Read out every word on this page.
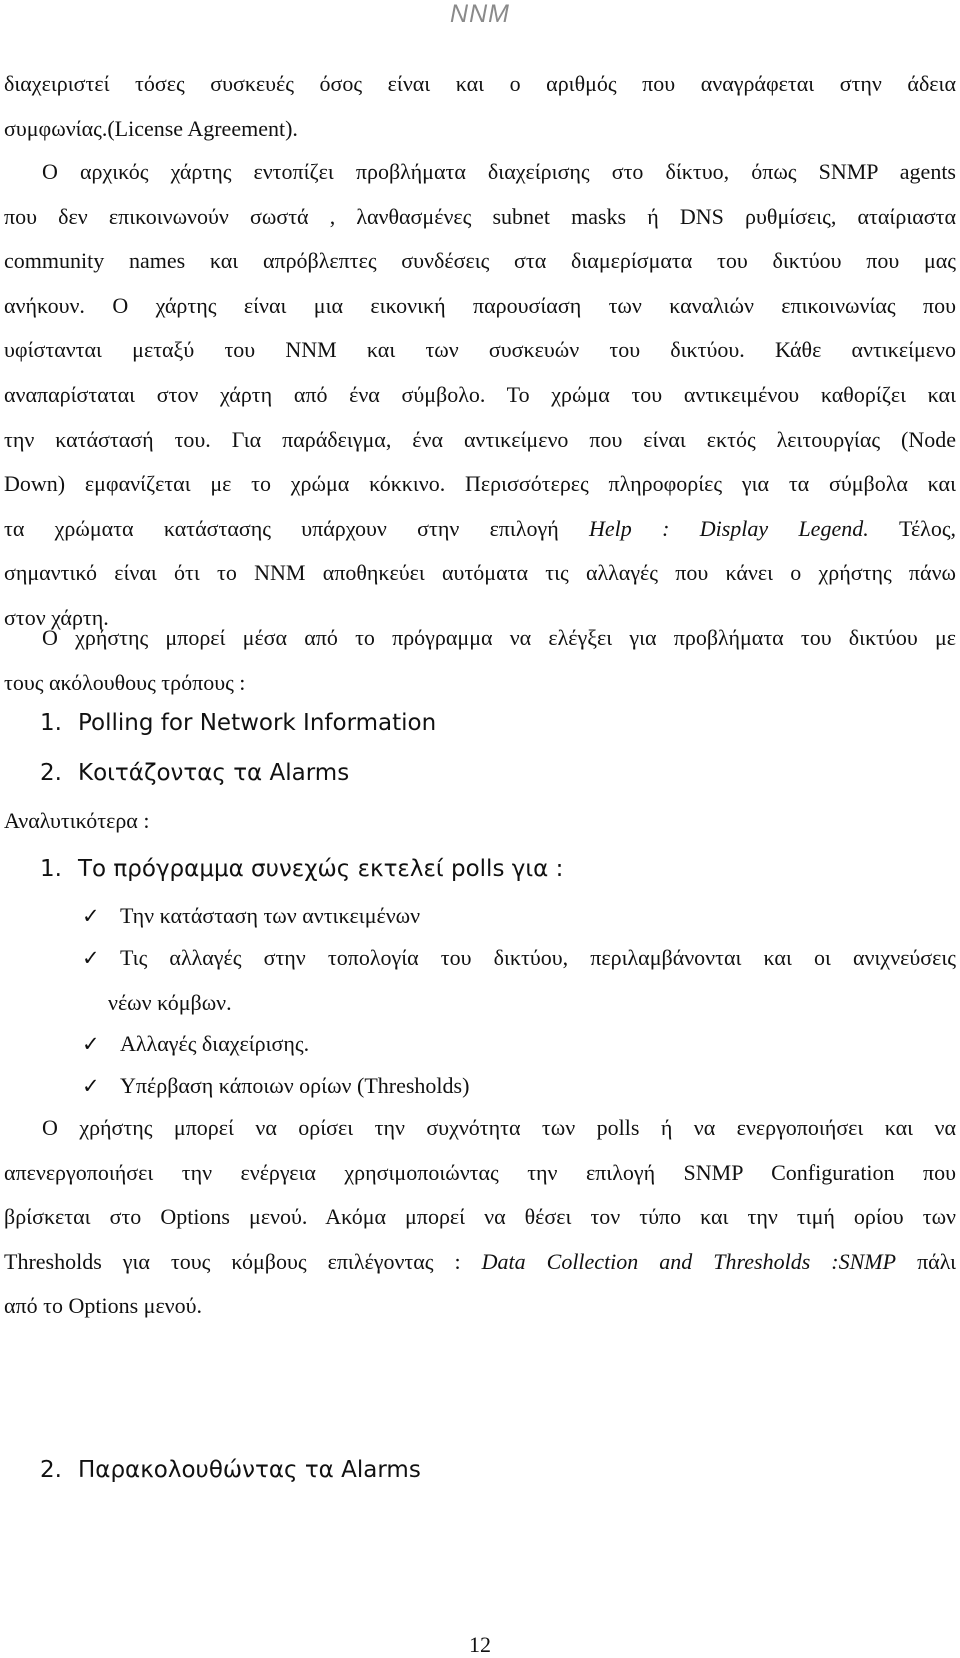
NNM
διαχειριστεί τόσες συσκευές όσος είναι και ο αριθμός που αναγράφεται στην άδεια
συμφωνίας.(License Agreement).
Ο αρχικός χάρτης εντοπίζει προβλήματα διαχείρισης στο δίκτυο, όπως SNMP agents
που δεν επικοινωνούν σωστά , λανθασμένες subnet masks ή DNS ρυθμίσεις, αταίριαστα
community names και απρόβλεπτες συνδέσεις στα διαμερίσματα του δικτύου που μας
ανήκουν. Ο χάρτης είναι μια εικονική παρουσίαση των καναλιών επικοινωνίας που
υφίστανται μεταξύ του NNM και των συσκευών του δικτύου. Κάθε αντικείμενο
αναπαρίσταται στον χάρτη από ένα σύμβολο. Το χρώμα του αντικειμένου καθορίζει και
την κατάστασή του. Για παράδειγμα, ένα αντικείμενο που είναι εκτός λειτουργίας (Node
Down) εμφανίζεται με το χρώμα κόκκινο. Περισσότερες πληροφορίες για τα σύμβολα και
τα χρώματα κατάστασης υπάρχουν στην επιλογή Help : Display Legend. Τέλος,
σημαντικό είναι ότι το NNM αποθηκεύει αυτόματα τις αλλαγές που κάνει ο χρήστης πάνω
στον χάρτη.
Ο χρήστης μπορεί μέσα από το πρόγραμμα να ελέγξει για προβλήματα του δικτύου με
τους ακόλουθους τρόπους :
1. Polling for Network Information
2. Κοιτάζοντας τα Alarms
Αναλυτικότερα :
1. Το πρόγραμμα συνεχώς εκτελεί polls για :
✓ Την κατάσταση των αντικειμένων
✓ Τις αλλαγές στην τοπολογία του δικτύου, περιλαμβάνονται και οι ανιχνεύσεις
νέων κόμβων.
✓ Αλλαγές διαχείρισης.
✓ Υπέρβαση κάποιων ορίων (Thresholds)
Ο χρήστης μπορεί να ορίσει την συχνότητα των polls ή να ενεργοποιήσει και να
απενεργοποιήσει την ενέργεια χρησιμοποιώντας την επιλογή SNMP Configuration που
βρίσκεται στο Options μενού. Ακόμα μπορεί να θέσει τον τύπο και την τιμή ορίου των
Thresholds για τους κόμβους επιλέγοντας : Data Collection and Thresholds :SNMP πάλι
από το Options μενού.
2. Παρακολουθώντας τα Alarms
12
